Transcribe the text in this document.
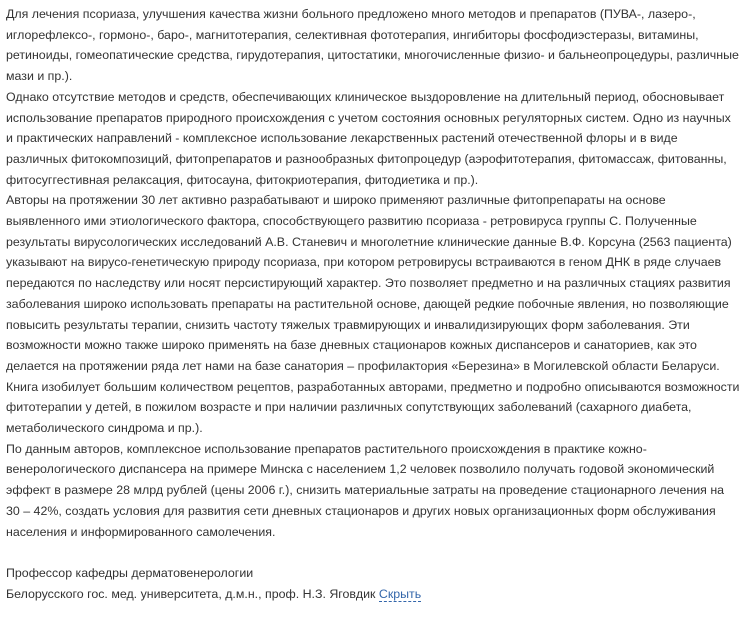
Для лечения псориаза, улучшения качества жизни больного предложено много методов и препаратов (ПУВА-, лазеро-, иглорефлексо-, гормоно-, баро-, магнитотерапия, селективная фототерапия, ингибиторы фосфодиэстеразы, витамины, ретиноиды, гомеопатические средства, гирудотерапия, цитостатики, многочисленные физио- и бальнеопроцедуры, различные мази и пр.).

Однако отсутствие методов и средств, обеспечивающих клиническое выздоровление на длительный период, обосновывает использование препаратов природного происхождения с учетом состояния основных регуляторных систем. Одно из научных и практических направлений - комплексное использование лекарственных растений отечественной флоры и в виде различных фитокомпозиций, фитопрепаратов и разнообразных фитопроцедур (аэрофитотерапия, фитомассаж, фитованны, фитосуггестивная релаксация, фитосауна, фитокриотерапия, фитодиетика и пр.).

Авторы на протяжении 30 лет активно разрабатывают и широко применяют различные фитопрепараты на основе выявленного ими этиологического фактора, способствующего развитию псориаза - ретровируса группы С. Полученные результаты вирусологических исследований А.В. Станевич и многолетние клинические данные В.Ф. Корсуна (2563 пациента) указывают на вирусо-генетическую природу псориаза, при котором ретровирусы встраиваются в геном ДНК в ряде случаев передаются по наследству или носят персистирующий характер. Это позволяет предметно и на различных стациях развития заболевания широко использовать препараты на растительной основе, дающей редкие побочные явления, но позволяющие повысить результаты терапии, снизить частоту тяжелых травмирующих и инвалидизирующих форм заболевания. Эти возможности можно также широко применять на базе дневных стационаров кожных диспансеров и санаториев, как это делается на протяжении ряда лет нами на базе санатория – профилактория «Березина» в Могилевской области Беларуси.

Книга изобилует большим количеством рецептов, разработанных авторами, предметно и подробно описываются возможности фитотерапии у детей, в пожилом возрасте и при наличии различных сопутствующих заболеваний (сахарного диабета, метаболического синдрома и пр.).

По данным авторов, комплексное использование препаратов растительного происхождения в практике кожно-венерологического диспансера на примере Минска с населением 1,2 человек позволило получать годовой экономический эффект в размере 28 млрд рублей (цены 2006 г.), снизить материальные затраты на проведение стационарного лечения на 30 – 42%, создать условия для развития сети дневных стационаров и других новых организационных форм обслуживания населения и информированного самолечения.

Профессор кафедры дерматовенерологии

Белорусского гос. мед. университета, д.м.н., проф. Н.З. Яговдик Скрыть
